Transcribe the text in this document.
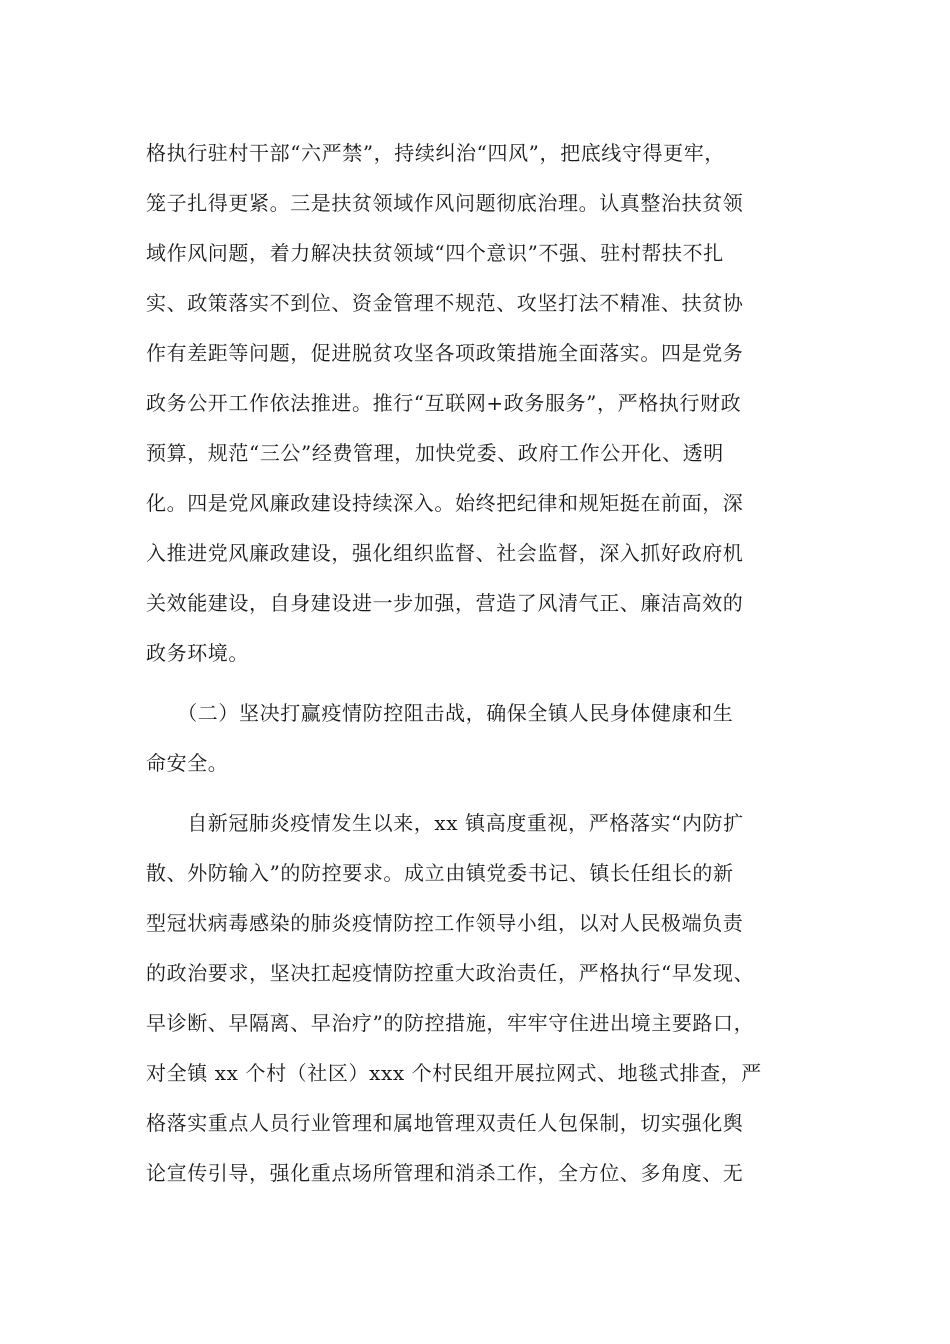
格执行驻村干部“六严禁”，持续纠治“四风”，把底线守得更牢，
笼子扎得更紧。三是扶贫领域作风问题彻底治理。认真整治扶贫领
域作风问题，着力解决扶贫领域“四个意识”不强、驻村帮扶不扎
实、政策落实不到位、资金管理不规范、攻坚打法不精准、扶贫协
作有差距等问题，促进脱贫攻坚各项政策措施全面落实。四是党务
政务公开工作依法推进。推行“互联网+政务服务”，严格执行财政
预算，规范“三公”经费管理，加快党委、政府工作公开化、透明
化。四是党风廉政建设持续深入。始终把纪律和规矩挺在前面，深
入推进党风廉政建设，强化组织监督、社会监督，深入抓好政府机
关效能建设，自身建设进一步加强，营造了风清气正、廉洁高效的
政务环境。
　　（二）坚决打赢疫情防控阻击战，确保全镇人民身体健康和生
命安全。
　　自新冠肺炎疫情发生以来，xx 镇高度重视，严格落实“内防扩
散、外防输入”的防控要求。成立由镇党委书记、镇长任组长的新
型冠状病毒感染的肺炎疫情防控工作领导小组，以对人民极端负责
的政治要求，坚决扛起疫情防控重大政治责任，严格执行“早发现、
早诊断、早隔离、早治疗”的防控措施，牢牢守住进出境主要路口，
对全镇 xx 个村（社区）xxx 个村民组开展拉网式、地毯式排查，严
格落实重点人员行业管理和属地管理双责任人包保制，切实强化舆
论宣传引导，强化重点场所管理和消杀工作，全方位、多角度、无
